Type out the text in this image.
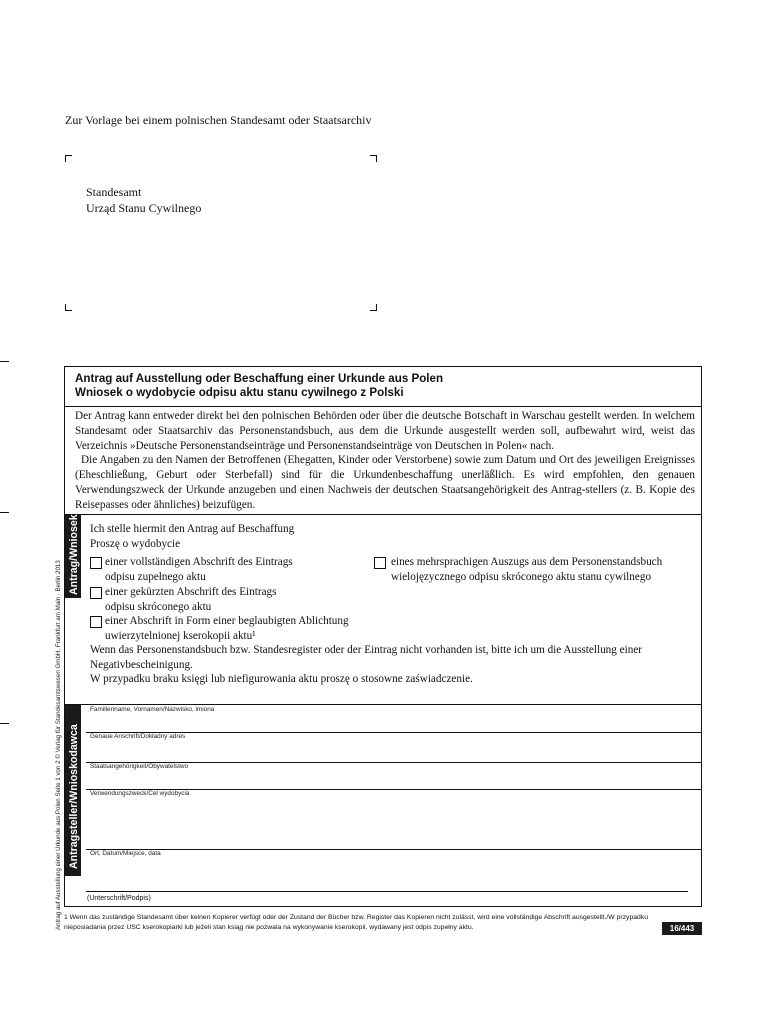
Zur Vorlage bei einem polnischen Standesamt oder Staatsarchiv
Standesamt
Urząd Stanu Cywilnego
Antrag auf Ausstellung einer Urkunde aus Polen Seite 1 von 2 © Verlag für Standesamtswesen GmbH, Frankfurt am Main · Berlin 2013
Antrag auf Ausstellung oder Beschaffung einer Urkunde aus Polen
Wniosek o wydobycie odpisu aktu stanu cywilnego z Polski

Der Antrag kann entweder direkt bei den polnischen Behörden oder über die deutsche Botschaft in Warschau gestellt werden. In welchem Standesamt oder Staatsarchiv das Personenstandsbuch, aus dem die Urkunde ausgestellt werden soll, aufbewahrt wird, weist das Verzeichnis »Deutsche Personenstandseinträge und Personenstandseinträge von Deutschen in Polen« nach.

Die Angaben zu den Namen der Betroffenen (Ehegatten, Kinder oder Verstorbene) sowie zum Datum und Ort des jeweiligen Ereignisses (Eheschließung, Geburt oder Sterbefall) sind für die Urkundenbeschaffung unerläßlich. Es wird empfohlen, den genauen Verwendungszweck der Urkunde anzugeben und einen Nachweis der deutschen Staatsangehörigkeit des Antrag-stellers (z. B. Kopie des Reisepasses oder ähnliches) beizufügen.

Antrag/Wniosek Ich stelle hiermit den Antrag auf Beschaffung
Proszę o wydobycie
einer vollständigen Abschrift des Eintrags
odpisu zupełnego aktu
einer gekürzten Abschrift des Eintrags
odpisu skróconego aktu
einer Abschrift in Form einer beglaubigten Ablichtung
uwierzytelnionej kserokopii aktu¹
eines mehrsprachigen Auszugs aus dem Personenstandsbuch
wielojęzycznego odpisu skróconego aktu stanu cywilnego
Wenn das Personenstandsbuch bzw. Standesregister oder der Eintrag nicht vorhanden ist, bitte ich um die Ausstellung einer Negativbescheinigung.
W przypadku braku księgi lub niefigurowania aktu proszę o stosowne zaświadczenie.
Antragsteller/Wnioskodawca
Familienname, Vornamen/Nazwisko, imiona
Genaue Anschrift/Dokładny adres
Staatsangehörigkeit/Obywatelstwo
Verwendungszweck/Cel wydobycia
Ort, Datum/Miejsce, data
(Unterschrift/Podpis)
1 Wenn das zuständige Standesamt über keinen Kopierer verfügt oder der Zustand der Bücher bzw. Register das Kopieren nicht zulässt, wird eine vollständige Abschrift ausgestellt./W przypadku nieposiadania przez USC kserokopiarki lub jeżeli stan ksiąg nie pozwala na wykonywanie kserokopii, wydawany jest odpis zupełny aktu.	16/443
